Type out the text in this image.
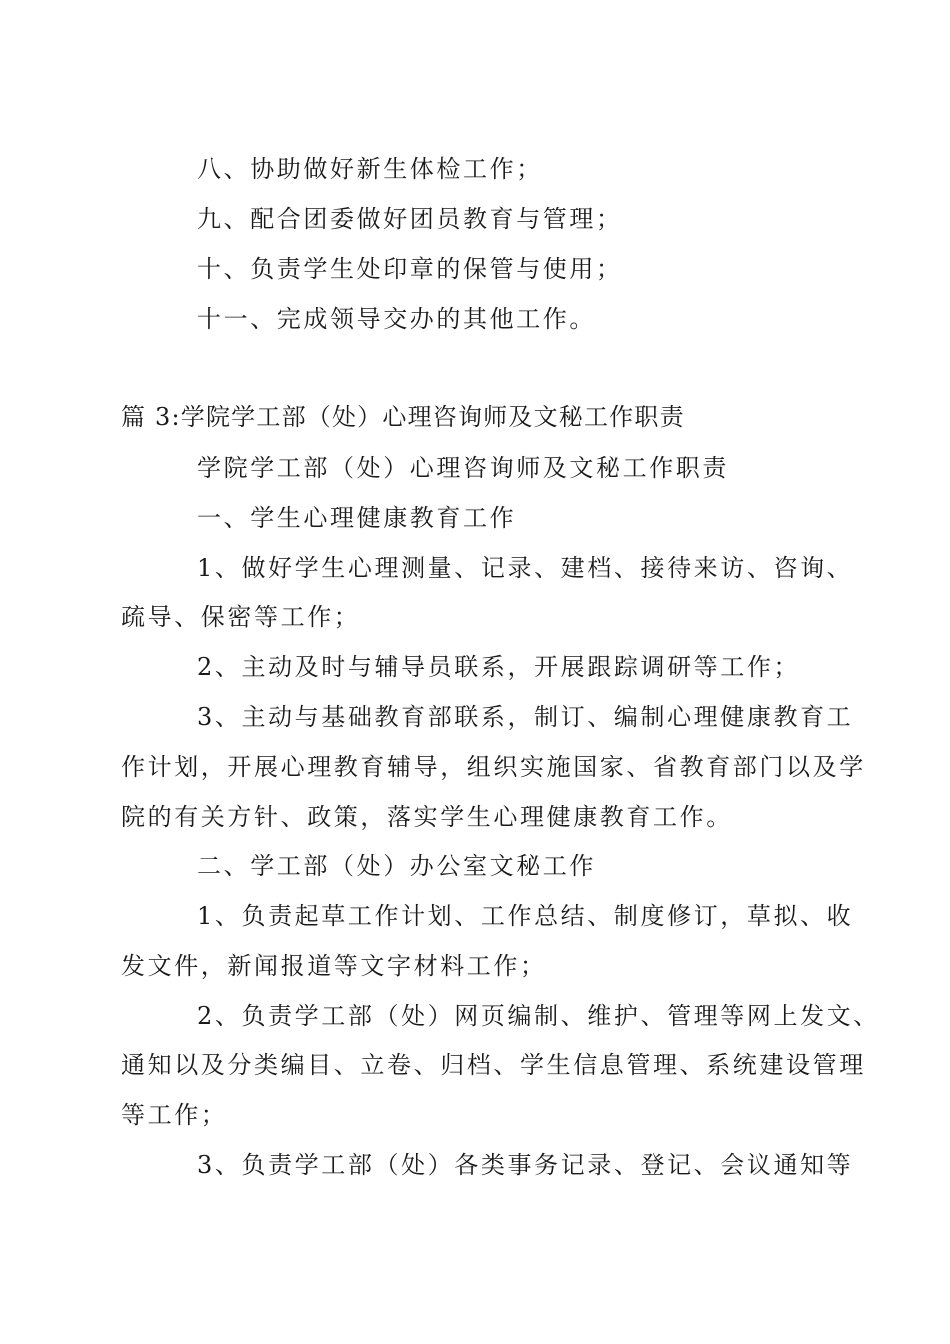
八、协助做好新生体检工作；
九、配合团委做好团员教育与管理；
十、负责学生处印章的保管与使用；
十一、完成领导交办的其他工作。
篇 3:学院学工部（处）心理咨询师及文秘工作职责
学院学工部（处）心理咨询师及文秘工作职责
一、学生心理健康教育工作
1、做好学生心理测量、记录、建档、接待来访、咨询、
疏导、保密等工作；
2、主动及时与辅导员联系，开展跟踪调研等工作；
3、主动与基础教育部联系，制订、编制心理健康教育工
作计划，开展心理教育辅导，组织实施国家、省教育部门以及学
院的有关方针、政策，落实学生心理健康教育工作。
二、学工部（处）办公室文秘工作
1、负责起草工作计划、工作总结、制度修订，草拟、收
发文件，新闻报道等文字材料工作；
2、负责学工部（处）网页编制、维护、管理等网上发文、
通知以及分类编目、立卷、归档、学生信息管理、系统建设管理
等工作；
3、负责学工部（处）各类事务记录、登记、会议通知等
